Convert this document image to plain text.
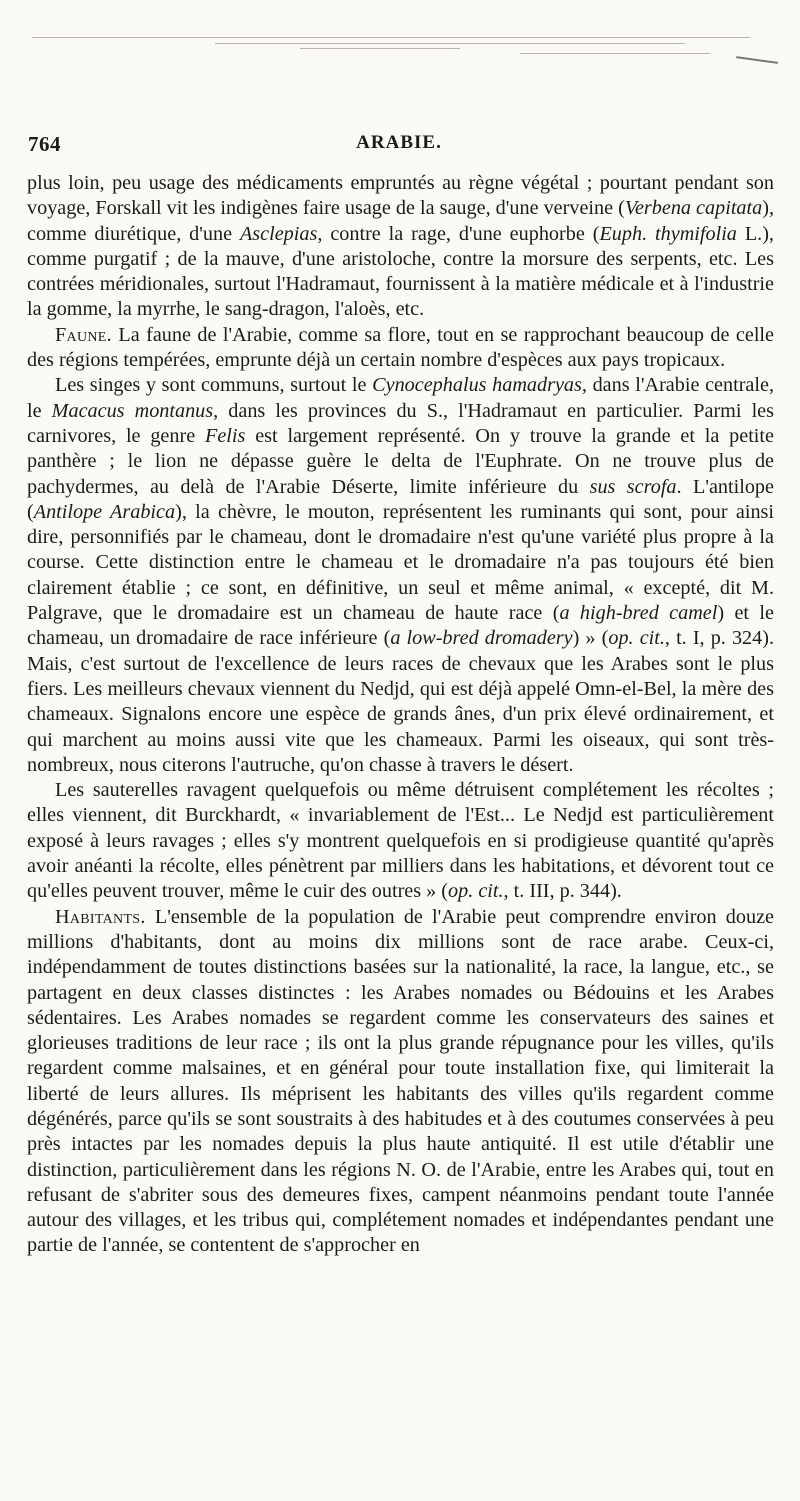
764	ARABIE.

plus loin, peu usage des médicaments empruntés au règne végétal ; pourtant pendant son voyage, Forskall vit les indigènes faire usage de la sauge, d'une verveine (Verbena capitata), comme diurétique, d'une Asclepias, contre la rage, d'une euphorbe (Euph. thymifolia L.), comme purgatif ; de la mauve, d'une aristoloche, contre la morsure des serpents, etc. Les contrées méridionales, surtout l'Hadramaut, fournissent à la matière médicale et à l'industrie la gomme, la myrrhe, le sang-dragon, l'aloès, etc.

Faune. La faune de l'Arabie, comme sa flore, tout en se rapprochant beaucoup de celle des régions tempérées, emprunte déjà un certain nombre d'espèces aux pays tropicaux.

Les singes y sont communs, surtout le Cynocephalus hamadryas, dans l'Arabie centrale, le Macacus montanus, dans les provinces du S., l'Hadramaut en particulier. Parmi les carnivores, le genre Felis est largement représenté. On y trouve la grande et la petite panthère ; le lion ne dépasse guère le delta de l'Euphrate. On ne trouve plus de pachydermes, au delà de l'Arabie Déserte, limite inférieure du sus scrofa. L'antilope (Antilope Arabica), la chèvre, le mouton, représentent les ruminants qui sont, pour ainsi dire, personnifiés par le chameau, dont le dromadaire n'est qu'une variété plus propre à la course. Cette distinction entre le chameau et le dromadaire n'a pas toujours été bien clairement établie ; ce sont, en définitive, un seul et même animal, « excepté, dit M. Palgrave, que le dromadaire est un chameau de haute race (a high-bred camel) et le chameau, un dromadaire de race inférieure (a low-bred dromadery) » (op. cit., t. I, p. 324). Mais, c'est surtout de l'excellence de leurs races de chevaux que les Arabes sont le plus fiers. Les meilleurs chevaux viennent du Nedjd, qui est déjà appelé Omn-el-Bel, la mère des chameaux. Signalons encore une espèce de grands ânes, d'un prix élevé ordinairement, et qui marchent au moins aussi vite que les chameaux. Parmi les oiseaux, qui sont très-nombreux, nous citerons l'autruche, qu'on chasse à travers le désert.

Les sauterelles ravagent quelquefois ou même détruisent complétement les récoltes ; elles viennent, dit Burckhardt, « invariablement de l'Est... Le Nedjd est particulièrement exposé à leurs ravages ; elles s'y montrent quelquefois en si prodigieuse quantité qu'après avoir anéanti la récolte, elles pénètrent par milliers dans les habitations, et dévorent tout ce qu'elles peuvent trouver, même le cuir des outres » (op. cit., t. III, p. 344).

Habitants. L'ensemble de la population de l'Arabie peut comprendre environ douze millions d'habitants, dont au moins dix millions sont de race arabe. Ceux-ci, indépendamment de toutes distinctions basées sur la nationalité, la race, la langue, etc., se partagent en deux classes distinctes : les Arabes nomades ou Bédouins et les Arabes sédentaires. Les Arabes nomades se regardent comme les conservateurs des saines et glorieuses traditions de leur race ; ils ont la plus grande répugnance pour les villes, qu'ils regardent comme malsaines, et en général pour toute installation fixe, qui limiterait la liberté de leurs allures. Ils méprisent les habitants des villes qu'ils regardent comme dégénérés, parce qu'ils se sont soustraits à des habitudes et à des coutumes conservées à peu près intactes par les nomades depuis la plus haute antiquité. Il est utile d'établir une distinction, particulièrement dans les régions N. O. de l'Arabie, entre les Arabes qui, tout en refusant de s'abriter sous des demeures fixes, campent néanmoins pendant toute l'année autour des villages, et les tribus qui, complétement nomades et indépendantes pendant une partie de l'année, se contentent de s'approcher en
